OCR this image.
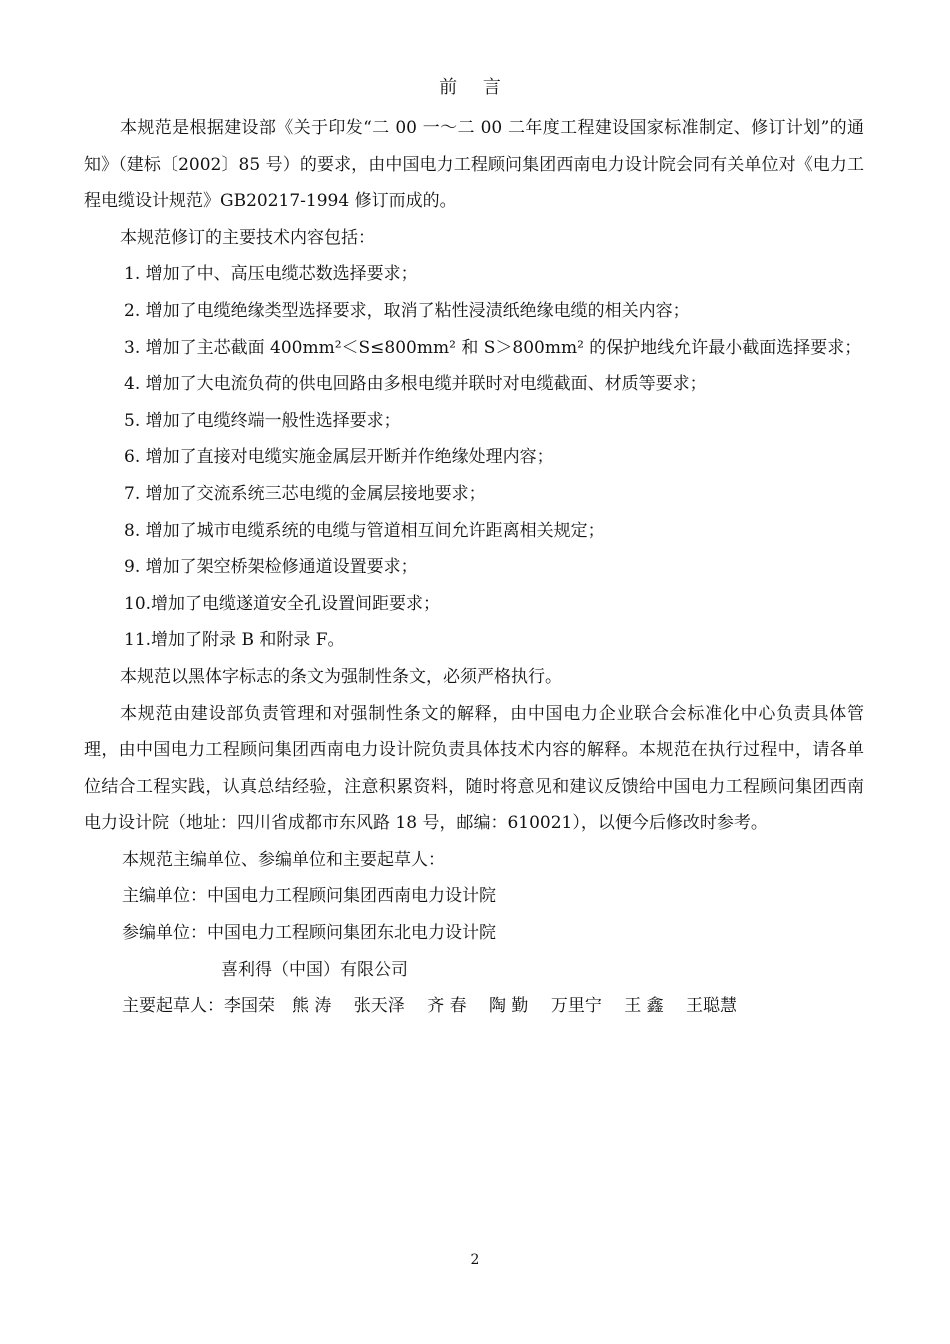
前 言

本规范是根据建设部《关于印发“二 00 一～二 00 二年度工程建设国家标准制定、修订计划”的通知》（建标〔2002〕85 号）的要求，由中国电力工程顾问集团西南电力设计院会同有关单位对《电力工程电缆设计规范》GB20217-1994 修订而成的。

本规范修订的主要技术内容包括：

1. 增加了中、高压电缆芯数选择要求；

2. 增加了电缆绝缘类型选择要求，取消了粘性浸渍纸绝缘电缆的相关内容；

3. 增加了主芯截面 400mm²＜S≤800mm² 和 S＞800mm² 的保护地线允许最小截面选择要求；

4. 增加了大电流负荷的供电回路由多根电缆并联时对电缆截面、材质等要求；

5. 增加了电缆终端一般性选择要求；

6. 增加了直接对电缆实施金属层开断并作绝缘处理内容；

7. 增加了交流系统三芯电缆的金属层接地要求；

8. 增加了城市电缆系统的电缆与管道相互间允许距离相关规定；

9. 增加了架空桥架检修通道设置要求；

10.增加了电缆遂道安全孔设置间距要求；

11.增加了附录 B 和附录 F。

本规范以黑体字标志的条文为强制性条文，必须严格执行。

本规范由建设部负责管理和对强制性条文的解释，由中国电力企业联合会标准化中心负责具体管理，由中国电力工程顾问集团西南电力设计院负责具体技术内容的解释。本规范在执行过程中，请各单位结合工程实践，认真总结经验，注意积累资料，随时将意见和建议反馈给中国电力工程顾问集团西南电力设计院（地址：四川省成都市东风路 18 号，邮编：610021），以便今后修改时参考。

本规范主编单位、参编单位和主要起草人：

主编单位：中国电力工程顾问集团西南电力设计院

参编单位：中国电力工程顾问集团东北电力设计院

喜利得（中国）有限公司

主要起草人：李国荣　熊 涛　 张天泽　 齐 春　 陶 勤　 万里宁　 王 鑫　 王聪慧

2
